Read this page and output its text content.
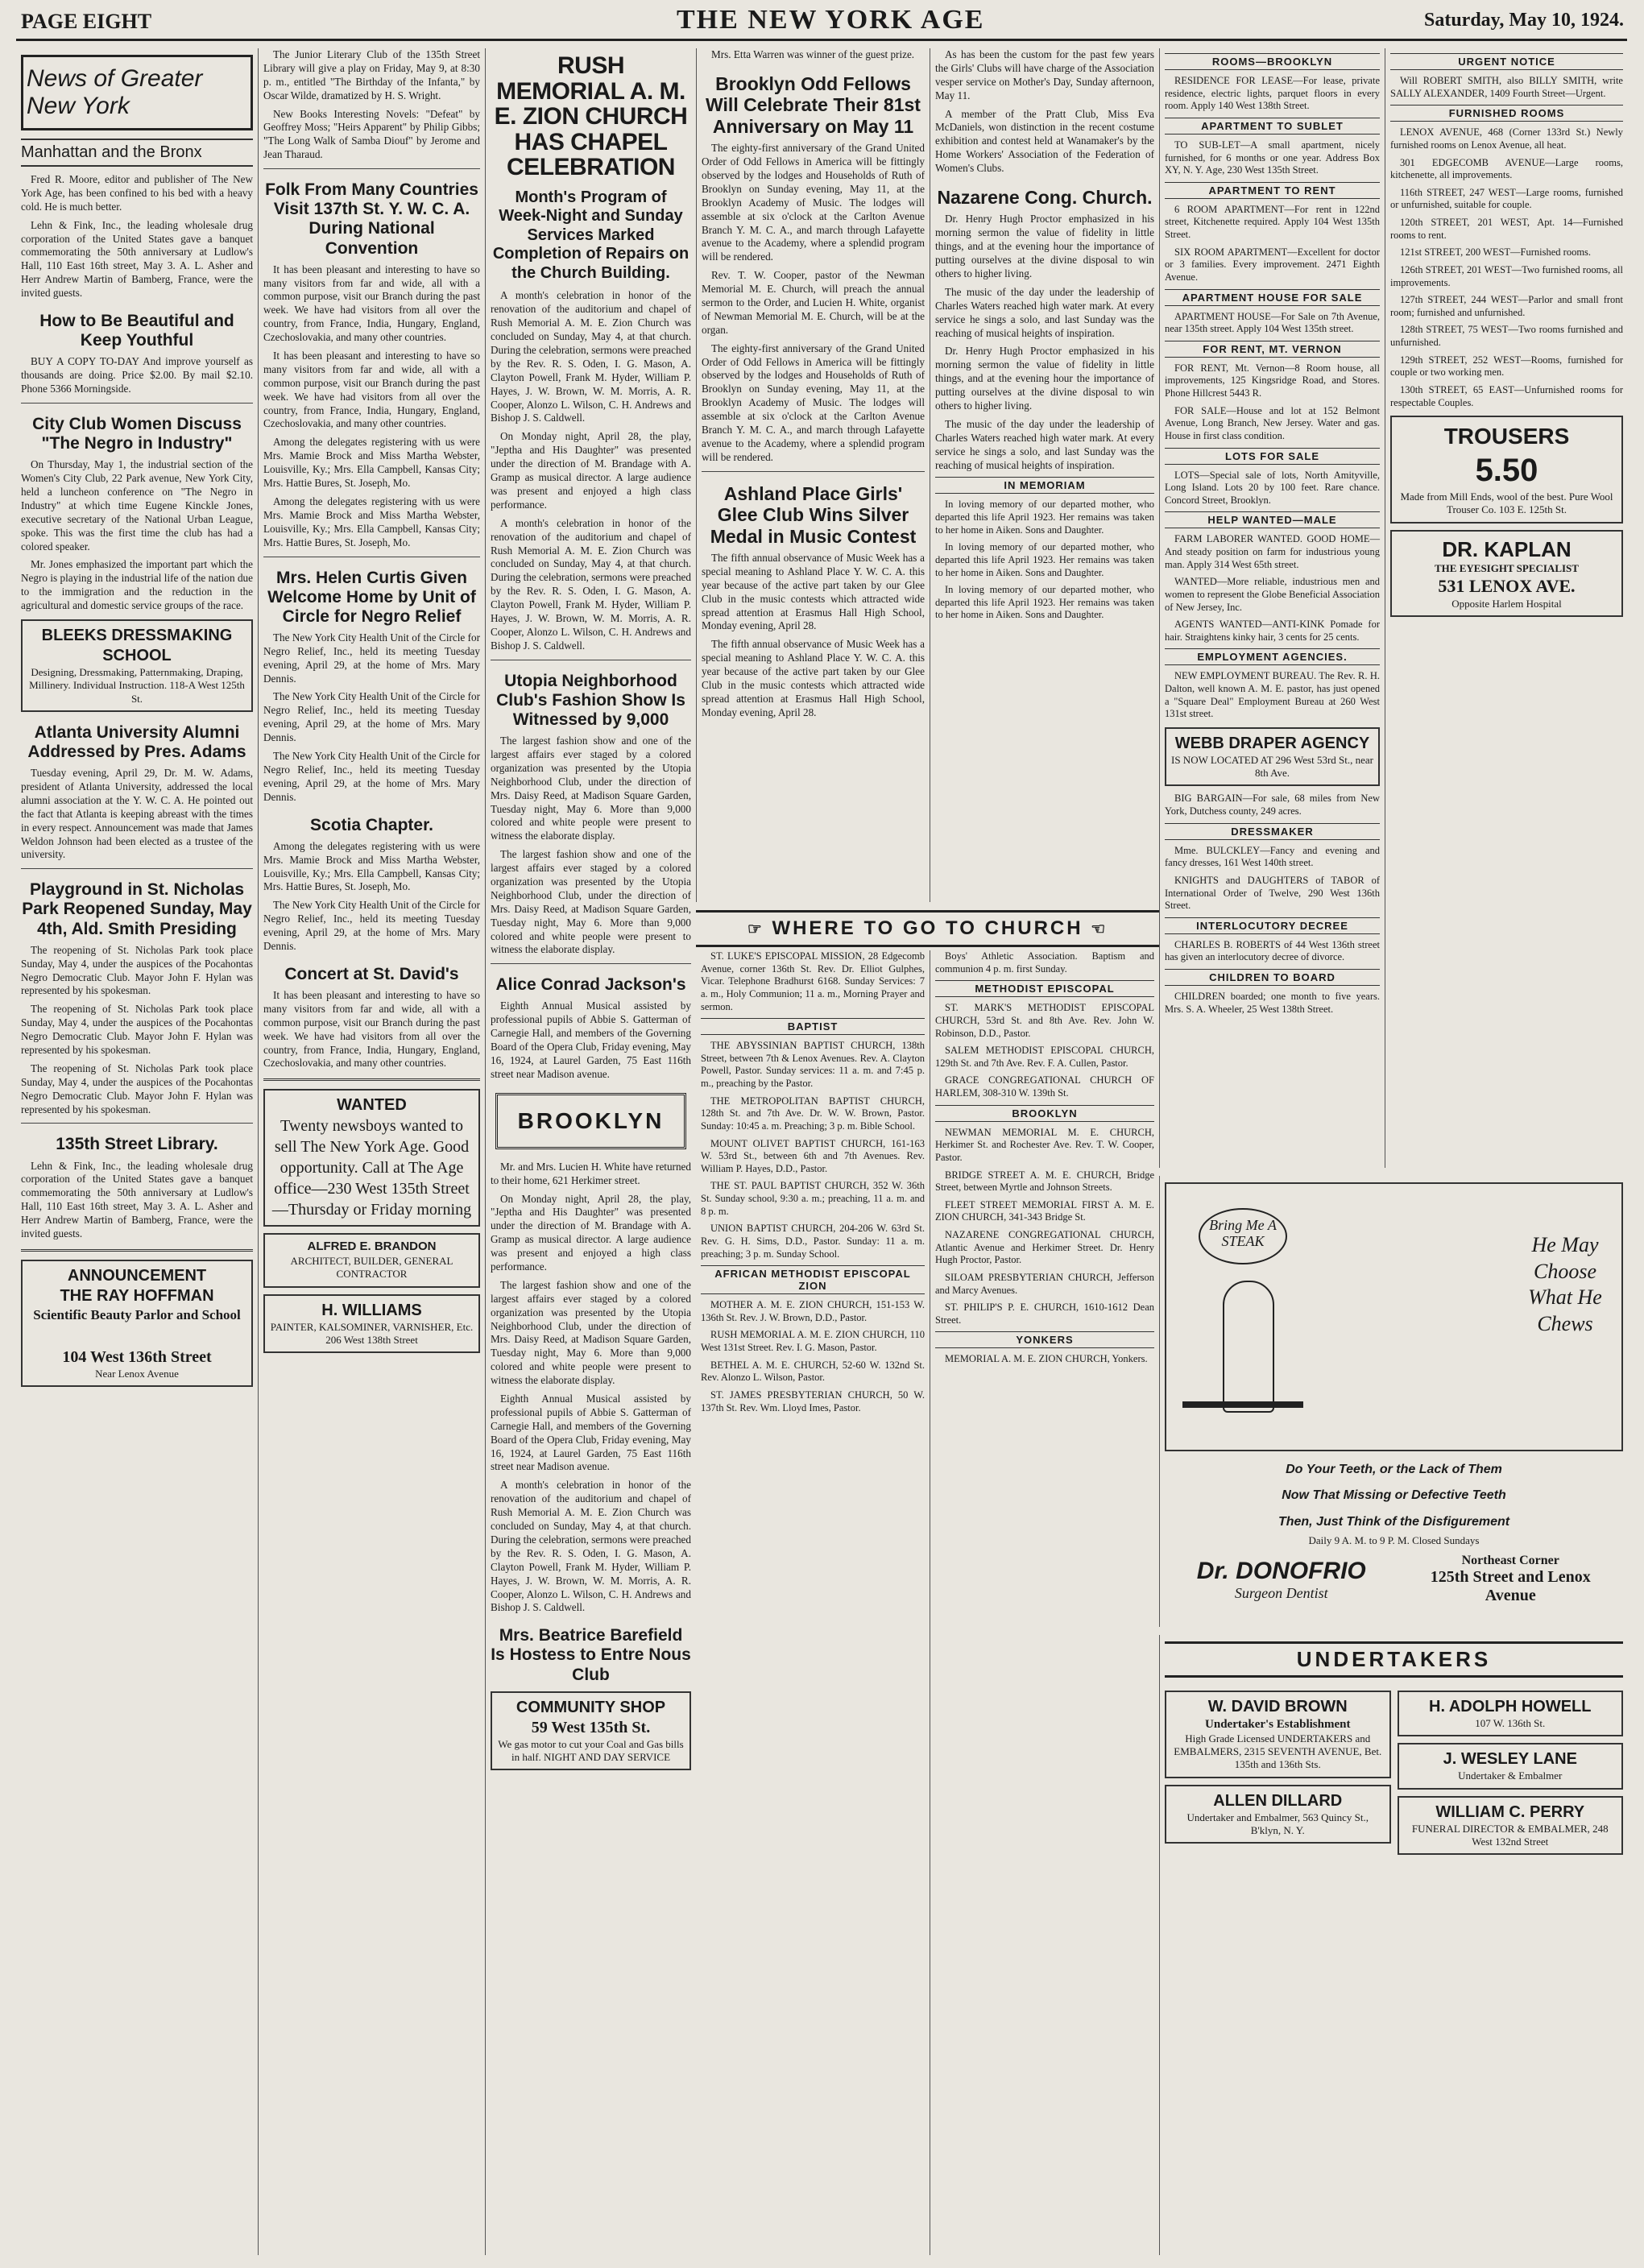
PAGE EIGHT	THE NEW YORK AGE	Saturday, May 10, 1924.
News of Greater New York
Manhattan and the Bronx

Fred R. Moore, editor and publisher of The New York Age, has been confined to his bed with a heavy cold. He is much better.

Lehn & Fink, Inc., the leading wholesale drug corporation of the United States gave a banquet commemorating the 50th anniversary at Ludlow's Hall, 110 East 16th street, May 3. A. L. Asher and Herr Andrew Martin of Bamberg, France, were the invited guests.

How to Be Beautiful and Keep Youthful

BUY A COPY TO-DAY And improve yourself as thousands are doing. Price $2.00. By mail $2.10. Phone 5366 Morningside.

City Club Women Discuss "The Negro in Industry"

On Thursday, May 1, the industrial section of the Women's City Club, 22 Park avenue, New York City, held a luncheon conference on "The Negro in Industry" at which time Eugene Kinckle Jones, executive secretary of the National Urban League, spoke. This was the first time the club has had a colored speaker.

Mr. Jones emphasized the important part which the Negro is playing in the industrial life of the nation due to the immigration and the reduction in the agricultural and domestic service groups of the race.

BLEEKS DRESSMAKING SCHOOL
Designing, Dressmaking, Patternmaking, Draping, Millinery. Individual Instruction. 118-A West 125th St.
Atlanta University Alumni Addressed by Pres. Adams

Tuesday evening, April 29, Dr. M. W. Adams, president of Atlanta University, addressed the local alumni association at the Y. W. C. A. He pointed out the fact that Atlanta is keeping abreast with the times in every respect. Announcement was made that James Weldon Johnson had been elected as a trustee of the university.

Playground in St. Nicholas Park Reopened Sunday, May 4th, Ald. Smith Presiding

The reopening of St. Nicholas Park took place Sunday, May 4, under the auspices of the Pocahontas Negro Democratic Club. Mayor John F. Hylan was represented by his spokesman.

The reopening of St. Nicholas Park took place Sunday, May 4, under the auspices of the Pocahontas Negro Democratic Club. Mayor John F. Hylan was represented by his spokesman.

The reopening of St. Nicholas Park took place Sunday, May 4, under the auspices of the Pocahontas Negro Democratic Club. Mayor John F. Hylan was represented by his spokesman.

135th Street Library.

Lehn & Fink, Inc., the leading wholesale drug corporation of the United States gave a banquet commemorating the 50th anniversary at Ludlow's Hall, 110 East 16th street, May 3. A. L. Asher and Herr Andrew Martin of Bamberg, France, were the invited guests.

ANNOUNCEMENT
THE RAY HOFFMAN
Scientific Beauty Parlor and School
104 West 136th Street
Near Lenox Avenue

The Junior Literary Club of the 135th Street Library will give a play on Friday, May 9, at 8:30 p. m., entitled "The Birthday of the Infanta," by Oscar Wilde, dramatized by H. S. Wright.

New Books Interesting Novels: "Defeat" by Geoffrey Moss; "Heirs Apparent" by Philip Gibbs; "The Long Walk of Samba Diouf" by Jerome and Jean Tharaud.

Folk From Many Countries Visit 137th St. Y. W. C. A. During National Convention

It has been pleasant and interesting to have so many visitors from far and wide, all with a common purpose, visit our Branch during the past week. We have had visitors from all over the country, from France, India, Hungary, England, Czechoslovakia, and many other countries.

It has been pleasant and interesting to have so many visitors from far and wide, all with a common purpose, visit our Branch during the past week. We have had visitors from all over the country, from France, India, Hungary, England, Czechoslovakia, and many other countries.

Among the delegates registering with us were Mrs. Mamie Brock and Miss Martha Webster, Louisville, Ky.; Mrs. Ella Campbell, Kansas City; Mrs. Hattie Bures, St. Joseph, Mo.

Among the delegates registering with us were Mrs. Mamie Brock and Miss Martha Webster, Louisville, Ky.; Mrs. Ella Campbell, Kansas City; Mrs. Hattie Bures, St. Joseph, Mo.

Mrs. Helen Curtis Given Welcome Home by Unit of Circle for Negro Relief

The New York City Health Unit of the Circle for Negro Relief, Inc., held its meeting Tuesday evening, April 29, at the home of Mrs. Mary Dennis.

The New York City Health Unit of the Circle for Negro Relief, Inc., held its meeting Tuesday evening, April 29, at the home of Mrs. Mary Dennis.

The New York City Health Unit of the Circle for Negro Relief, Inc., held its meeting Tuesday evening, April 29, at the home of Mrs. Mary Dennis.

Scotia Chapter.

Among the delegates registering with us were Mrs. Mamie Brock and Miss Martha Webster, Louisville, Ky.; Mrs. Ella Campbell, Kansas City; Mrs. Hattie Bures, St. Joseph, Mo.

The New York City Health Unit of the Circle for Negro Relief, Inc., held its meeting Tuesday evening, April 29, at the home of Mrs. Mary Dennis.

Concert at St. David's

It has been pleasant and interesting to have so many visitors from far and wide, all with a common purpose, visit our Branch during the past week. We have had visitors from all over the country, from France, India, Hungary, England, Czechoslovakia, and many other countries.

WANTED
Twenty newsboys wanted to sell The New York Age. Good opportunity. Call at The Age office—230 West 135th Street—Thursday or Friday morning
ALFRED E. BRANDON
ARCHITECT, BUILDER, GENERAL CONTRACTOR
H. WILLIAMS
PAINTER, KALSOMINER, VARNISHER, Etc. 206 West 138th Street
RUSH MEMORIAL A. M. E. ZION CHURCH HAS CHAPEL CELEBRATION
Month's Program of Week-Night and Sunday Services Marked Completion of Repairs on the Church Building.

A month's celebration in honor of the renovation of the auditorium and chapel of Rush Memorial A. M. E. Zion Church was concluded on Sunday, May 4, at that church. During the celebration, sermons were preached by the Rev. R. S. Oden, I. G. Mason, A. Clayton Powell, Frank M. Hyder, William P. Hayes, J. W. Brown, W. M. Morris, A. R. Cooper, Alonzo L. Wilson, C. H. Andrews and Bishop J. S. Caldwell.

On Monday night, April 28, the play, "Jeptha and His Daughter" was presented under the direction of M. Brandage with A. Gramp as musical director. A large audience was present and enjoyed a high class performance.

A month's celebration in honor of the renovation of the auditorium and chapel of Rush Memorial A. M. E. Zion Church was concluded on Sunday, May 4, at that church. During the celebration, sermons were preached by the Rev. R. S. Oden, I. G. Mason, A. Clayton Powell, Frank M. Hyder, William P. Hayes, J. W. Brown, W. M. Morris, A. R. Cooper, Alonzo L. Wilson, C. H. Andrews and Bishop J. S. Caldwell.

Utopia Neighborhood Club's Fashion Show Is Witnessed by 9,000

The largest fashion show and one of the largest affairs ever staged by a colored organization was presented by the Utopia Neighborhood Club, under the direction of Mrs. Daisy Reed, at Madison Square Garden, Tuesday night, May 6. More than 9,000 colored and white people were present to witness the elaborate display.

The largest fashion show and one of the largest affairs ever staged by a colored organization was presented by the Utopia Neighborhood Club, under the direction of Mrs. Daisy Reed, at Madison Square Garden, Tuesday night, May 6. More than 9,000 colored and white people were present to witness the elaborate display.

Alice Conrad Jackson's

Eighth Annual Musical assisted by professional pupils of Abbie S. Gatterman of Carnegie Hall, and members of the Governing Board of the Opera Club, Friday evening, May 16, 1924, at Laurel Garden, 75 East 116th street near Madison avenue.

BROOKLYN

Mr. and Mrs. Lucien H. White have returned to their home, 621 Herkimer street.

On Monday night, April 28, the play, "Jeptha and His Daughter" was presented under the direction of M. Brandage with A. Gramp as musical director. A large audience was present and enjoyed a high class performance.

The largest fashion show and one of the largest affairs ever staged by a colored organization was presented by the Utopia Neighborhood Club, under the direction of Mrs. Daisy Reed, at Madison Square Garden, Tuesday night, May 6. More than 9,000 colored and white people were present to witness the elaborate display.

Eighth Annual Musical assisted by professional pupils of Abbie S. Gatterman of Carnegie Hall, and members of the Governing Board of the Opera Club, Friday evening, May 16, 1924, at Laurel Garden, 75 East 116th street near Madison avenue.

A month's celebration in honor of the renovation of the auditorium and chapel of Rush Memorial A. M. E. Zion Church was concluded on Sunday, May 4, at that church. During the celebration, sermons were preached by the Rev. R. S. Oden, I. G. Mason, A. Clayton Powell, Frank M. Hyder, William P. Hayes, J. W. Brown, W. M. Morris, A. R. Cooper, Alonzo L. Wilson, C. H. Andrews and Bishop J. S. Caldwell.

Mrs. Beatrice Barefield Is Hostess to Entre Nous Club
COMMUNITY SHOP
59 West 135th St.
We gas motor to cut your Coal and Gas bills in half. NIGHT AND DAY SERVICE

Mrs. Etta Warren was winner of the guest prize.

Brooklyn Odd Fellows Will Celebrate Their 81st Anniversary on May 11

The eighty-first anniversary of the Grand United Order of Odd Fellows in America will be fittingly observed by the lodges and Households of Ruth of Brooklyn on Sunday evening, May 11, at the Brooklyn Academy of Music. The lodges will assemble at six o'clock at the Carlton Avenue Branch Y. M. C. A., and march through Lafayette avenue to the Academy, where a splendid program will be rendered.

Rev. T. W. Cooper, pastor of the Newman Memorial M. E. Church, will preach the annual sermon to the Order, and Lucien H. White, organist of Newman Memorial M. E. Church, will be at the organ.

The eighty-first anniversary of the Grand United Order of Odd Fellows in America will be fittingly observed by the lodges and Households of Ruth of Brooklyn on Sunday evening, May 11, at the Brooklyn Academy of Music. The lodges will assemble at six o'clock at the Carlton Avenue Branch Y. M. C. A., and march through Lafayette avenue to the Academy, where a splendid program will be rendered.

Ashland Place Girls' Glee Club Wins Silver Medal in Music Contest

The fifth annual observance of Music Week has a special meaning to Ashland Place Y. W. C. A. this year because of the active part taken by our Glee Club in the music contests which attracted wide spread attention at Erasmus Hall High School, Monday evening, April 28.

The fifth annual observance of Music Week has a special meaning to Ashland Place Y. W. C. A. this year because of the active part taken by our Glee Club in the music contests which attracted wide spread attention at Erasmus Hall High School, Monday evening, April 28.

As has been the custom for the past few years the Girls' Clubs will have charge of the Association vesper service on Mother's Day, Sunday afternoon, May 11.

A member of the Pratt Club, Miss Eva McDaniels, won distinction in the recent costume exhibition and contest held at Wanamaker's by the Home Workers' Association of the Federation of Women's Clubs.

Nazarene Cong. Church.

Dr. Henry Hugh Proctor emphasized in his morning sermon the value of fidelity in little things, and at the evening hour the importance of putting ourselves at the divine disposal to win others to higher living.

The music of the day under the leadership of Charles Waters reached high water mark. At every service he sings a solo, and last Sunday was the reaching of musical heights of inspiration.

Dr. Henry Hugh Proctor emphasized in his morning sermon the value of fidelity in little things, and at the evening hour the importance of putting ourselves at the divine disposal to win others to higher living.

The music of the day under the leadership of Charles Waters reached high water mark. At every service he sings a solo, and last Sunday was the reaching of musical heights of inspiration.

IN MEMORIAM

In loving memory of our departed mother, who departed this life April 1923. Her remains was taken to her home in Aiken. Sons and Daughter.

In loving memory of our departed mother, who departed this life April 1923. Her remains was taken to her home in Aiken. Sons and Daughter.

In loving memory of our departed mother, who departed this life April 1923. Her remains was taken to her home in Aiken. Sons and Daughter.

☞ WHERE TO GO TO CHURCH ☜

ST. LUKE'S EPISCOPAL MISSION, 28 Edgecomb Avenue, corner 136th St. Rev. Dr. Elliot Gulphes, Vicar. Telephone Bradhurst 6168. Sunday Services: 7 a. m., Holy Communion; 11 a. m., Morning Prayer and sermon.

BAPTIST

THE ABYSSINIAN BAPTIST CHURCH, 138th Street, between 7th & Lenox Avenues. Rev. A. Clayton Powell, Pastor. Sunday services: 11 a. m. and 7:45 p. m., preaching by the Pastor.

THE METROPOLITAN BAPTIST CHURCH, 128th St. and 7th Ave. Dr. W. W. Brown, Pastor. Sunday: 10:45 a. m. Preaching; 3 p. m. Bible School.

MOUNT OLIVET BAPTIST CHURCH, 161-163 W. 53rd St., between 6th and 7th Avenues. Rev. William P. Hayes, D.D., Pastor.

THE ST. PAUL BAPTIST CHURCH, 352 W. 36th St. Sunday school, 9:30 a. m.; preaching, 11 a. m. and 8 p. m.

UNION BAPTIST CHURCH, 204-206 W. 63rd St. Rev. G. H. Sims, D.D., Pastor. Sunday: 11 a. m. preaching; 3 p. m. Sunday School.

AFRICAN METHODIST EPISCOPAL ZION

MOTHER A. M. E. ZION CHURCH, 151-153 W. 136th St. Rev. J. W. Brown, D.D., Pastor.

RUSH MEMORIAL A. M. E. ZION CHURCH, 110 West 131st Street. Rev. I. G. Mason, Pastor.

BETHEL A. M. E. CHURCH, 52-60 W. 132nd St. Rev. Alonzo L. Wilson, Pastor.

ST. JAMES PRESBYTERIAN CHURCH, 50 W. 137th St. Rev. Wm. Lloyd Imes, Pastor.

Boys' Athletic Association. Baptism and communion 4 p. m. first Sunday.

METHODIST EPISCOPAL

ST. MARK'S METHODIST EPISCOPAL CHURCH, 53rd St. and 8th Ave. Rev. John W. Robinson, D.D., Pastor.

SALEM METHODIST EPISCOPAL CHURCH, 129th St. and 7th Ave. Rev. F. A. Cullen, Pastor.

GRACE CONGREGATIONAL CHURCH OF HARLEM, 308-310 W. 139th St.

BROOKLYN

NEWMAN MEMORIAL M. E. CHURCH, Herkimer St. and Rochester Ave. Rev. T. W. Cooper, Pastor.

BRIDGE STREET A. M. E. CHURCH, Bridge Street, between Myrtle and Johnson Streets.

FLEET STREET MEMORIAL FIRST A. M. E. ZION CHURCH, 341-343 Bridge St.

NAZARENE CONGREGATIONAL CHURCH, Atlantic Avenue and Herkimer Street. Dr. Henry Hugh Proctor, Pastor.

SILOAM PRESBYTERIAN CHURCH, Jefferson and Marcy Avenues.

ST. PHILIP'S P. E. CHURCH, 1610-1612 Dean Street.

YONKERS

MEMORIAL A. M. E. ZION CHURCH, Yonkers.

ROOMS—BROOKLYN

RESIDENCE FOR LEASE—For lease, private residence, electric lights, parquet floors in every room. Apply 140 West 138th Street.

APARTMENT TO SUBLET

TO SUB-LET—A small apartment, nicely furnished, for 6 months or one year. Address Box XY, N. Y. Age, 230 West 135th Street.

APARTMENT TO RENT

6 ROOM APARTMENT—For rent in 122nd street, Kitchenette required. Apply 104 West 135th Street.

SIX ROOM APARTMENT—Excellent for doctor or 3 families. Every improvement. 2471 Eighth Avenue.

APARTMENT HOUSE FOR SALE

APARTMENT HOUSE—For Sale on 7th Avenue, near 135th street. Apply 104 West 135th street.

FOR RENT, MT. VERNON

FOR RENT, Mt. Vernon—8 Room house, all improvements, 125 Kingsridge Road, and Stores. Phone Hillcrest 5443 R.

FOR SALE—House and lot at 152 Belmont Avenue, Long Branch, New Jersey. Water and gas. House in first class condition.

LOTS FOR SALE

LOTS—Special sale of lots, North Amityville, Long Island. Lots 20 by 100 feet. Rare chance. Concord Street, Brooklyn.

HELP WANTED—MALE

FARM LABORER WANTED. GOOD HOME—And steady position on farm for industrious young man. Apply 314 West 65th street.

WANTED—More reliable, industrious men and women to represent the Globe Beneficial Association of New Jersey, Inc.

AGENTS WANTED—ANTI-KINK Pomade for hair. Straightens kinky hair, 3 cents for 25 cents.

EMPLOYMENT AGENCIES.

NEW EMPLOYMENT BUREAU. The Rev. R. H. Dalton, well known A. M. E. pastor, has just opened a "Square Deal" Employment Bureau at 260 West 131st street.

WEBB DRAPER AGENCY
IS NOW LOCATED AT 296 West 53rd St., near 8th Ave.

BIG BARGAIN—For sale, 68 miles from New York, Dutchess county, 249 acres.

DRESSMAKER

Mme. BULCKLEY—Fancy and evening and fancy dresses, 161 West 140th street.

KNIGHTS and DAUGHTERS of TABOR of International Order of Twelve, 290 West 136th Street.

INTERLOCUTORY DECREE

CHARLES B. ROBERTS of 44 West 136th street has given an interlocutory decree of divorce.

CHILDREN TO BOARD

CHILDREN boarded; one month to five years. Mrs. S. A. Wheeler, 25 West 138th Street.

URGENT NOTICE

Will ROBERT SMITH, also BILLY SMITH, write SALLY ALEXANDER, 1409 Fourth Street—Urgent.

FURNISHED ROOMS

LENOX AVENUE, 468 (Corner 133rd St.) Newly furnished rooms on Lenox Avenue, all heat.

301 EDGECOMB AVENUE—Large rooms, kitchenette, all improvements.

116th STREET, 247 WEST—Large rooms, furnished or unfurnished, suitable for couple.

120th STREET, 201 WEST, Apt. 14—Furnished rooms to rent.

121st STREET, 200 WEST—Furnished rooms.

126th STREET, 201 WEST—Two furnished rooms, all improvements.

127th STREET, 244 WEST—Parlor and small front room; furnished and unfurnished.

128th STREET, 75 WEST—Two rooms furnished and unfurnished.

129th STREET, 252 WEST—Rooms, furnished for couple or two working men.

130th STREET, 65 EAST—Unfurnished rooms for respectable Couples.

TROUSERS
5.50
Made from Mill Ends, wool of the best. Pure Wool Trouser Co. 103 E. 125th St.
DR. KAPLAN
THE EYESIGHT SPECIALIST
531 LENOX AVE.
Opposite Harlem Hospital
Bring Me A STEAK	He May Choose What He Chews
Do Your Teeth, or the Lack of Them
Now That Missing or Defective Teeth
Then, Just Think of the Disfigurement
Daily 9 A. M. to 9 P. M. Closed Sundays
Dr. DONOFRIO
Surgeon Dentist
Northeast Corner
125th Street and Lenox Avenue
UNDERTAKERS
W. DAVID BROWN
Undertaker's Establishment
High Grade Licensed UNDERTAKERS and EMBALMERS, 2315 SEVENTH AVENUE, Bet. 135th and 136th Sts.
ALLEN DILLARD
Undertaker and Embalmer, 563 Quincy St., B'klyn, N. Y.
H. ADOLPH HOWELL
107 W. 136th St.
J. WESLEY LANE
Undertaker & Embalmer
WILLIAM C. PERRY
FUNERAL DIRECTOR & EMBALMER, 248 West 132nd Street
